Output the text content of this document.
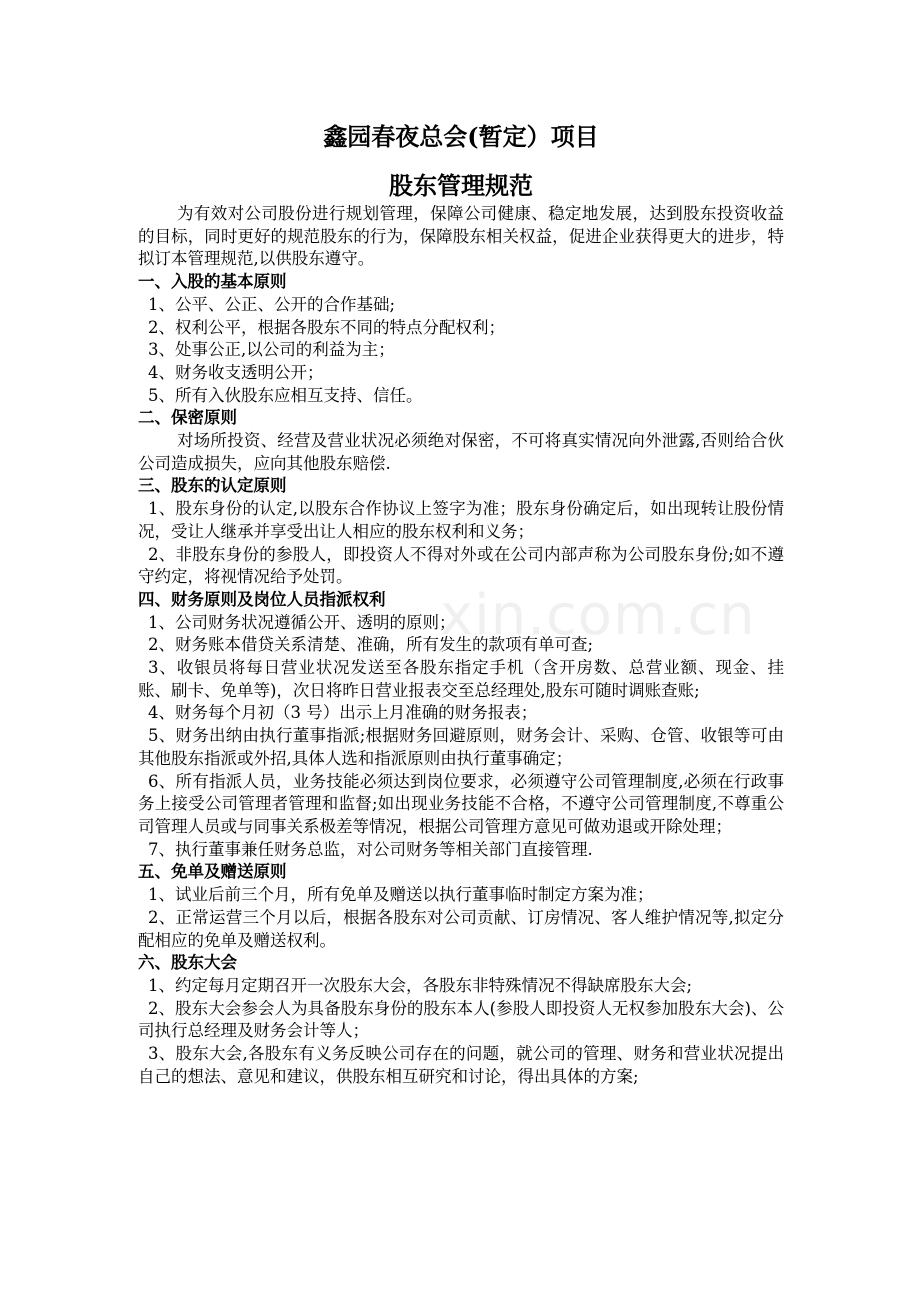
xin.com.cn
鑫园春夜总会(暂定）项目
股东管理规范
为有效对公司股份进行规划管理，保障公司健康、稳定地发展，达到股东投资收益的目标，同时更好的规范股东的行为，保障股东相关权益，促进企业获得更大的进步，特拟订本管理规范,以供股东遵守。
一、入股的基本原则
1、公平、公正、公开的合作基础;
2、权利公平，根据各股东不同的特点分配权利；
3、处事公正,以公司的利益为主；
4、财务收支透明公开；
5、所有入伙股东应相互支持、信任。
二、保密原则
对场所投资、经营及营业状况必须绝对保密，不可将真实情况向外泄露,否则给合伙公司造成损失，应向其他股东赔偿.
三、股东的认定原则
1、股东身份的认定,以股东合作协议上签字为准；股东身份确定后，如出现转让股份情况，受让人继承并享受出让人相应的股东权利和义务；
2、非股东身份的参股人，即投资人不得对外或在公司内部声称为公司股东身份;如不遵守约定，将视情况给予处罚。
四、财务原则及岗位人员指派权利
1、公司财务状况遵循公开、透明的原则；
2、财务账本借贷关系清楚、准确，所有发生的款项有单可查;
3、收银员将每日营业状况发送至各股东指定手机（含开房数、总营业额、现金、挂账、刷卡、免单等)，次日将昨日营业报表交至总经理处,股东可随时调账查账;
4、财务每个月初（3 号）出示上月准确的财务报表；
5、财务出纳由执行董事指派;根据财务回避原则，财务会计、采购、仓管、收银等可由其他股东指派或外招,具体人选和指派原则由执行董事确定；
6、所有指派人员，业务技能必须达到岗位要求，必须遵守公司管理制度,必须在行政事务上接受公司管理者管理和监督;如出现业务技能不合格，不遵守公司管理制度,不尊重公司管理人员或与同事关系极差等情况，根据公司管理方意见可做劝退或开除处理；
7、执行董事兼任财务总监，对公司财务等相关部门直接管理.
五、免单及赠送原则
1、试业后前三个月，所有免单及赠送以执行董事临时制定方案为准；
2、正常运营三个月以后，根据各股东对公司贡献、订房情况、客人维护情况等,拟定分配相应的免单及赠送权利。
六、股东大会
1、约定每月定期召开一次股东大会，各股东非特殊情况不得缺席股东大会;
2、股东大会参会人为具备股东身份的股东本人(参股人即投资人无权参加股东大会)、公司执行总经理及财务会计等人；
3、股东大会,各股东有义务反映公司存在的问题，就公司的管理、财务和营业状况提出自己的想法、意见和建议，供股东相互研究和讨论，得出具体的方案;
